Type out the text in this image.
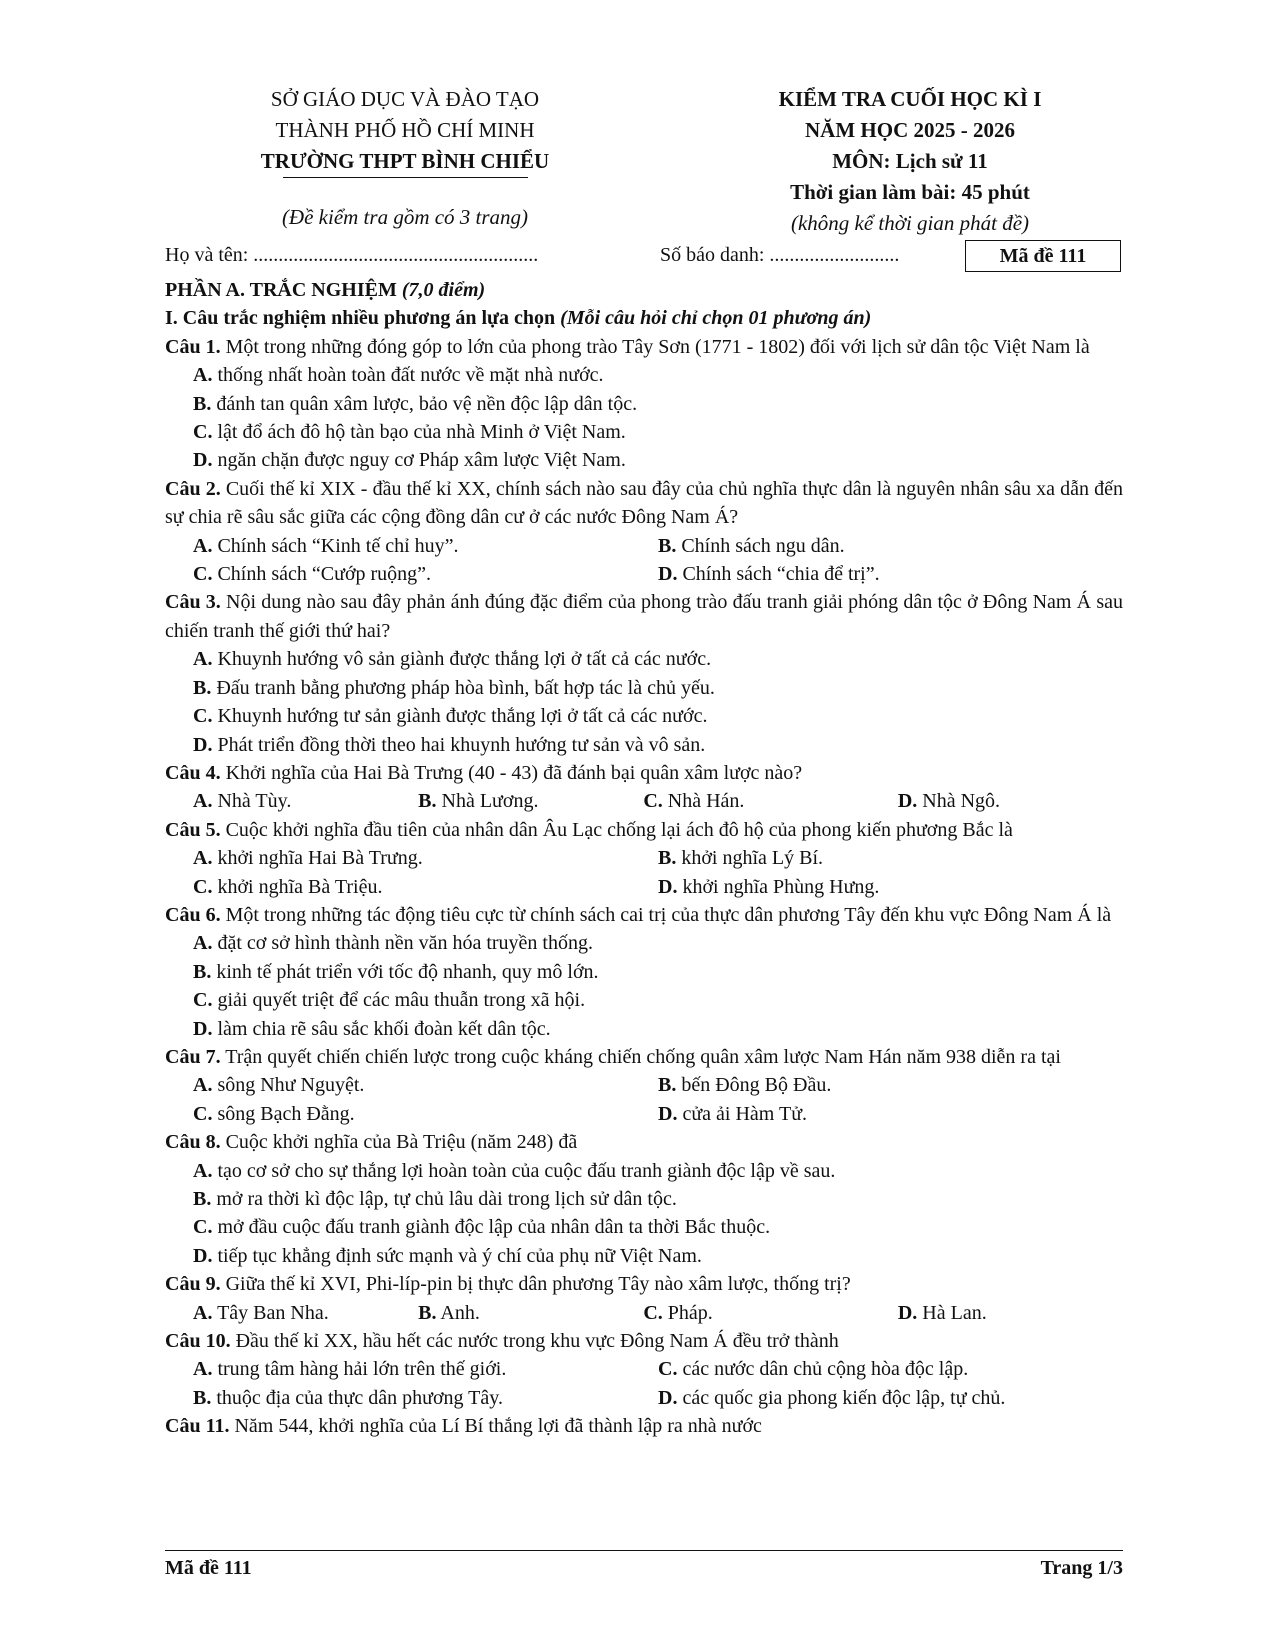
SỞ GIÁO DỤC VÀ ĐÀO TẠO
THÀNH PHỐ HỒ CHÍ MINH
TRƯỜNG THPT BÌNH CHIỂU
(Đề kiểm tra gồm có 3 trang)
KIỂM TRA CUỐI HỌC KÌ I
NĂM HỌC 2025 - 2026
MÔN: Lịch sử 11
Thời gian làm bài: 45 phút
(không kể thời gian phát đề)
Họ và tên: .........................................................	Số báo danh: ..........................	Mã đề 111

PHẦN A. TRẮC NGHIỆM (7,0 điểm)

I. Câu trắc nghiệm nhiều phương án lựa chọn (Mỗi câu hỏi chỉ chọn 01 phương án)

Câu 1. Một trong những đóng góp to lớn của phong trào Tây Sơn (1771 - 1802) đối với lịch sử dân tộc Việt Nam là

A. thống nhất hoàn toàn đất nước về mặt nhà nước.

B. đánh tan quân xâm lược, bảo vệ nền độc lập dân tộc.

C. lật đổ ách đô hộ tàn bạo của nhà Minh ở Việt Nam.

D. ngăn chặn được nguy cơ Pháp xâm lược Việt Nam.

Câu 2. Cuối thế kỉ XIX - đầu thế kỉ XX, chính sách nào sau đây của chủ nghĩa thực dân là nguyên nhân sâu xa dẫn đến sự chia rẽ sâu sắc giữa các cộng đồng dân cư ở các nước Đông Nam Á?

A. Chính sách “Kinh tế chỉ huy”.	B. Chính sách ngu dân.
C. Chính sách “Cướp ruộng”.	D. Chính sách “chia để trị”.

Câu 3. Nội dung nào sau đây phản ánh đúng đặc điểm của phong trào đấu tranh giải phóng dân tộc ở Đông Nam Á sau chiến tranh thế giới thứ hai?

A. Khuynh hướng vô sản giành được thắng lợi ở tất cả các nước.

B. Đấu tranh bằng phương pháp hòa bình, bất hợp tác là chủ yếu.

C. Khuynh hướng tư sản giành được thắng lợi ở tất cả các nước.

D. Phát triển đồng thời theo hai khuynh hướng tư sản và vô sản.

Câu 4. Khởi nghĩa của Hai Bà Trưng (40 - 43) đã đánh bại quân xâm lược nào?

A. Nhà Tùy.	B. Nhà Lương.	C. Nhà Hán.	D. Nhà Ngô.

Câu 5. Cuộc khởi nghĩa đầu tiên của nhân dân Âu Lạc chống lại ách đô hộ của phong kiến phương Bắc là

A. khởi nghĩa Hai Bà Trưng.	B. khởi nghĩa Lý Bí.
C. khởi nghĩa Bà Triệu.	D. khởi nghĩa Phùng Hưng.

Câu 6. Một trong những tác động tiêu cực từ chính sách cai trị của thực dân phương Tây đến khu vực Đông Nam Á là

A. đặt cơ sở hình thành nền văn hóa truyền thống.

B. kinh tế phát triển với tốc độ nhanh, quy mô lớn.

C. giải quyết triệt để các mâu thuẫn trong xã hội.

D. làm chia rẽ sâu sắc khối đoàn kết dân tộc.

Câu 7. Trận quyết chiến chiến lược trong cuộc kháng chiến chống quân xâm lược Nam Hán năm 938 diễn ra tại

A. sông Như Nguyệt.	B. bến Đông Bộ Đầu.
C. sông Bạch Đằng.	D. cửa ải Hàm Tử.

Câu 8. Cuộc khởi nghĩa của Bà Triệu (năm 248) đã

A. tạo cơ sở cho sự thắng lợi hoàn toàn của cuộc đấu tranh giành độc lập về sau.

B. mở ra thời kì độc lập, tự chủ lâu dài trong lịch sử dân tộc.

C. mở đầu cuộc đấu tranh giành độc lập của nhân dân ta thời Bắc thuộc.

D. tiếp tục khẳng định sức mạnh và ý chí của phụ nữ Việt Nam.

Câu 9. Giữa thế kỉ XVI, Phi-líp-pin bị thực dân phương Tây nào xâm lược, thống trị?

A. Tây Ban Nha.	B. Anh.	C. Pháp.	D. Hà Lan.

Câu 10. Đầu thế kỉ XX, hầu hết các nước trong khu vực Đông Nam Á đều trở thành

A. trung tâm hàng hải lớn trên thế giới.	C. các nước dân chủ cộng hòa độc lập.
B. thuộc địa của thực dân phương Tây.	D. các quốc gia phong kiến độc lập, tự chủ.

Câu 11. Năm 544, khởi nghĩa của Lí Bí thắng lợi đã thành lập ra nhà nước

Mã đề 111	Trang 1/3
